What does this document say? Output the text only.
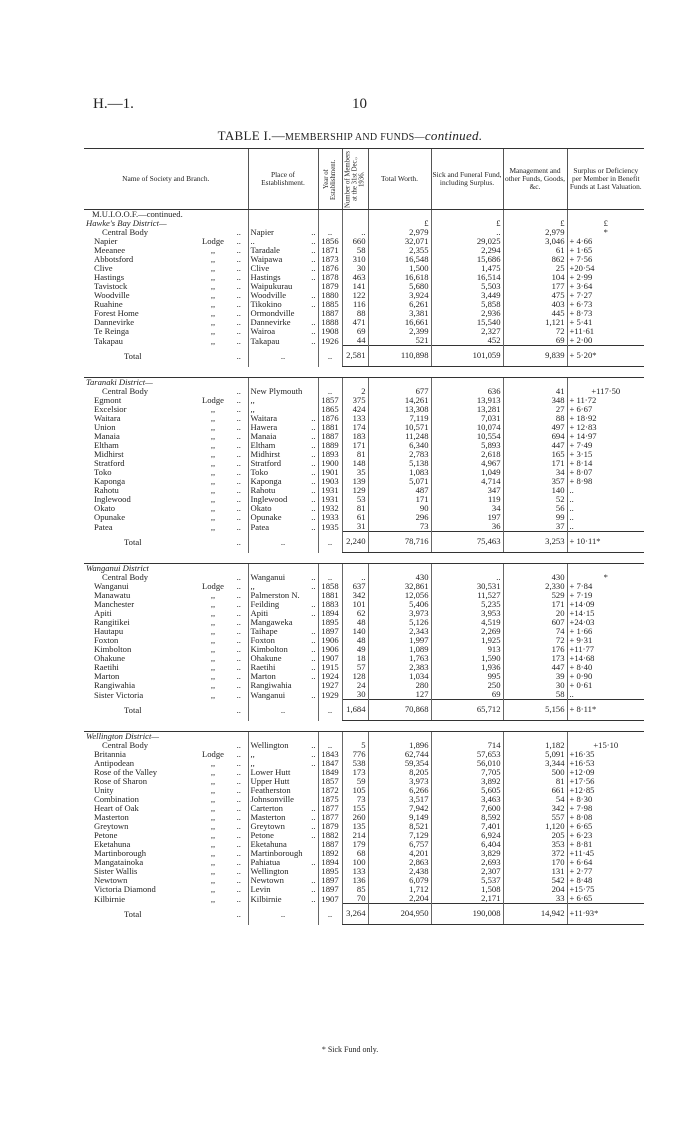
H.—1.	10
TABLE I.—MEMBERSHIP AND FUNDS—continued.
Name of Society and Branch.			Place of Establishment.	Year of Establishment.	Number of Members at the 31st Dec., 1936.	Total Worth.	Sick and Funeral Fund, including Surplus.	Management and other Funds, Goods, &c.	Surplus or Deficiency per Member in Benefit Funds at Last Valuation.
M.U.I.O.O.F.—continued.									
Hawke's Bay District—						£	£	£	£
Central Body		..	Napier ..	..	..	2,979	..	2,979	*
Napier	Lodge	..	.. ..	1856	660	32,071	29,025	3,046	+ 4·66
Meeanee	,,	..	Taradale ..	1871	58	2,355	2,294	61	+ 1·65
Abbotsford	,,	..	Waipawa ..	1873	310	16,548	15,686	862	+ 7·56
Clive	,,	..	Clive ..	1876	30	1,500	1,475	25	+20·54
Hastings	,,	..	Hastings ..	1878	463	16,618	16,514	104	+ 2·99
Tavistock	,,	..	Waipukurau	1879	141	5,680	5,503	177	+ 3·64
Woodville	,,	..	Woodville ..	1880	122	3,924	3,449	475	+ 7·27
Ruahine	,,	..	Tikokino ..	1885	116	6,261	5,858	403	+ 6·73
Forest Home	,,	..	Ormondville	1887	88	3,381	2,936	445	+ 8·73
Dannevirke	,,	..	Dannevirke ..	1888	471	16,661	15,540	1,121	+ 5·41
Te Reinga	,,	..	Wairoa ..	1908	69	2,399	2,327	72	+11·61
Takapau	,,	..	Takapau ..	1926	44	521	452	69	+ 2·00
Total		..	..	..	2,581	110,898	101,059	9,839	+ 5·20*

Taranaki District—									
Central Body		..	New Plymouth	..	2	677	636	41	+117·50
Egmont	Lodge	..	,,	1857	375	14,261	13,913	348	+ 11·72
Excelsior	,,	..	,,	1865	424	13,308	13,281	27	+ 6·67
Waitara	,,	..	Waitara ..	1876	133	7,119	7,031	88	+ 18·92
Union	,,	..	Hawera ..	1881	174	10,571	10,074	497	+ 12·83
Manaia	,,	..	Manaia ..	1887	183	11,248	10,554	694	+ 14·97
Eltham	,,	..	Eltham ..	1889	171	6,340	5,893	447	+ 7·49
Midhirst	,,	..	Midhirst ..	1893	81	2,783	2,618	165	+ 3·15
Stratford	,,	..	Stratford ..	1900	148	5,138	4,967	171	+ 8·14
Toko	,,	..	Toko ..	1901	35	1,083	1,049	34	+ 8·07
Kaponga	,,	..	Kaponga ..	1903	139	5,071	4,714	357	+ 8·98
Rahotu	,,	..	Rahotu ..	1931	129	487	347	140	..
Inglewood	,,	..	Inglewood ..	1931	53	171	119	52	..
Okato	,,	..	Okato ..	1932	81	90	34	56	..
Opunake	,,	..	Opunake ..	1933	61	296	197	99	..
Patea	,,	..	Patea ..	1935	31	73	36	37	..
Total		..	..	..	2,240	78,716	75,463	3,253	+ 10·11*

Wanganui District									
Central Body		..	Wanganui ..	..	..	430	..	430	*
Wanganui	Lodge	..	,, ..	1858	637	32,861	30,531	2,330	+ 7·84
Manawatu	,,	..	Palmerston N.	1881	342	12,056	11,527	529	+ 7·19
Manchester	,,	..	Feilding ..	1883	101	5,406	5,235	171	+14·09
Apiti	,,	..	Apiti ..	1894	62	3,973	3,953	20	+14·15
Rangitikei	,,	..	Mangaweka	1895	48	5,126	4,519	607	+24·03
Hautapu	,,	..	Taihape ..	1897	140	2,343	2,269	74	+ 1·66
Foxton	,,	..	Foxton ..	1906	48	1,997	1,925	72	+ 9·31
Kimbolton	,,	..	Kimbolton ..	1906	49	1,089	913	176	+11·77
Ohakune	,,	..	Ohakune ..	1907	18	1,763	1,590	173	+14·68
Raetihi	,,	..	Raetihi ..	1915	57	2,383	1,936	447	+ 8·40
Marton	,,	..	Marton ..	1924	128	1,034	995	39	+ 0·90
Rangiwahia	,,	..	Rangiwahia	1927	24	280	250	30	+ 0·61
Sister Victoria	,,	..	Wanganui ..	1929	30	127	69	58	..
Total		..	..	..	1,684	70,868	65,712	5,156	+ 8·11*

Wellington District—									
Central Body		..	Wellington ..	..	5	1,896	714	1,182	+15·10
Britannia	Lodge	..	,, ..	1843	776	62,744	57,653	5,091	+16·35
Antipodean	,,	..	,, ..	1847	538	59,354	56,010	3,344	+16·53
Rose of the Valley	,,	..	Lower Hutt	1849	173	8,205	7,705	500	+12·09
Rose of Sharon	,,	..	Upper Hutt	1857	59	3,973	3,892	81	+17·56
Unity	,,	..	Featherston	1872	105	6,266	5,605	661	+12·85
Combination	,,	..	Johnsonville	1875	73	3,517	3,463	54	+ 8·30
Heart of Oak	,,	..	Carterton ..	1877	155	7,942	7,600	342	+ 7·98
Masterton	,,	..	Masterton ..	1877	260	9,149	8,592	557	+ 8·08
Greytown	,,	..	Greytown ..	1879	135	8,521	7,401	1,120	+ 6·65
Petone	,,	..	Petone ..	1882	214	7,129	6,924	205	+ 6·23
Eketahuna	,,	..	Eketahuna	1887	179	6,757	6,404	353	+ 8·81
Martinborough	,,	..	Martinborough	1892	68	4,201	3,829	372	+11·45
Mangatainoka	,,	..	Pahiatua ..	1894	100	2,863	2,693	170	+ 6·64
Sister Wallis	,,	..	Wellington	1895	133	2,438	2,307	131	+ 2·77
Newtown	,,	..	Newtown ..	1897	136	6,079	5,537	542	+ 8·48
Victoria Diamond	,,	..	Levin ..	1897	85	1,712	1,508	204	+15·75
Kilbirnie	,,	..	Kilbirnie ..	1907	70	2,204	2,171	33	+ 6·65
Total		..	..	..	3,264	204,950	190,008	14,942	+11·93*
* Sick Fund only.
